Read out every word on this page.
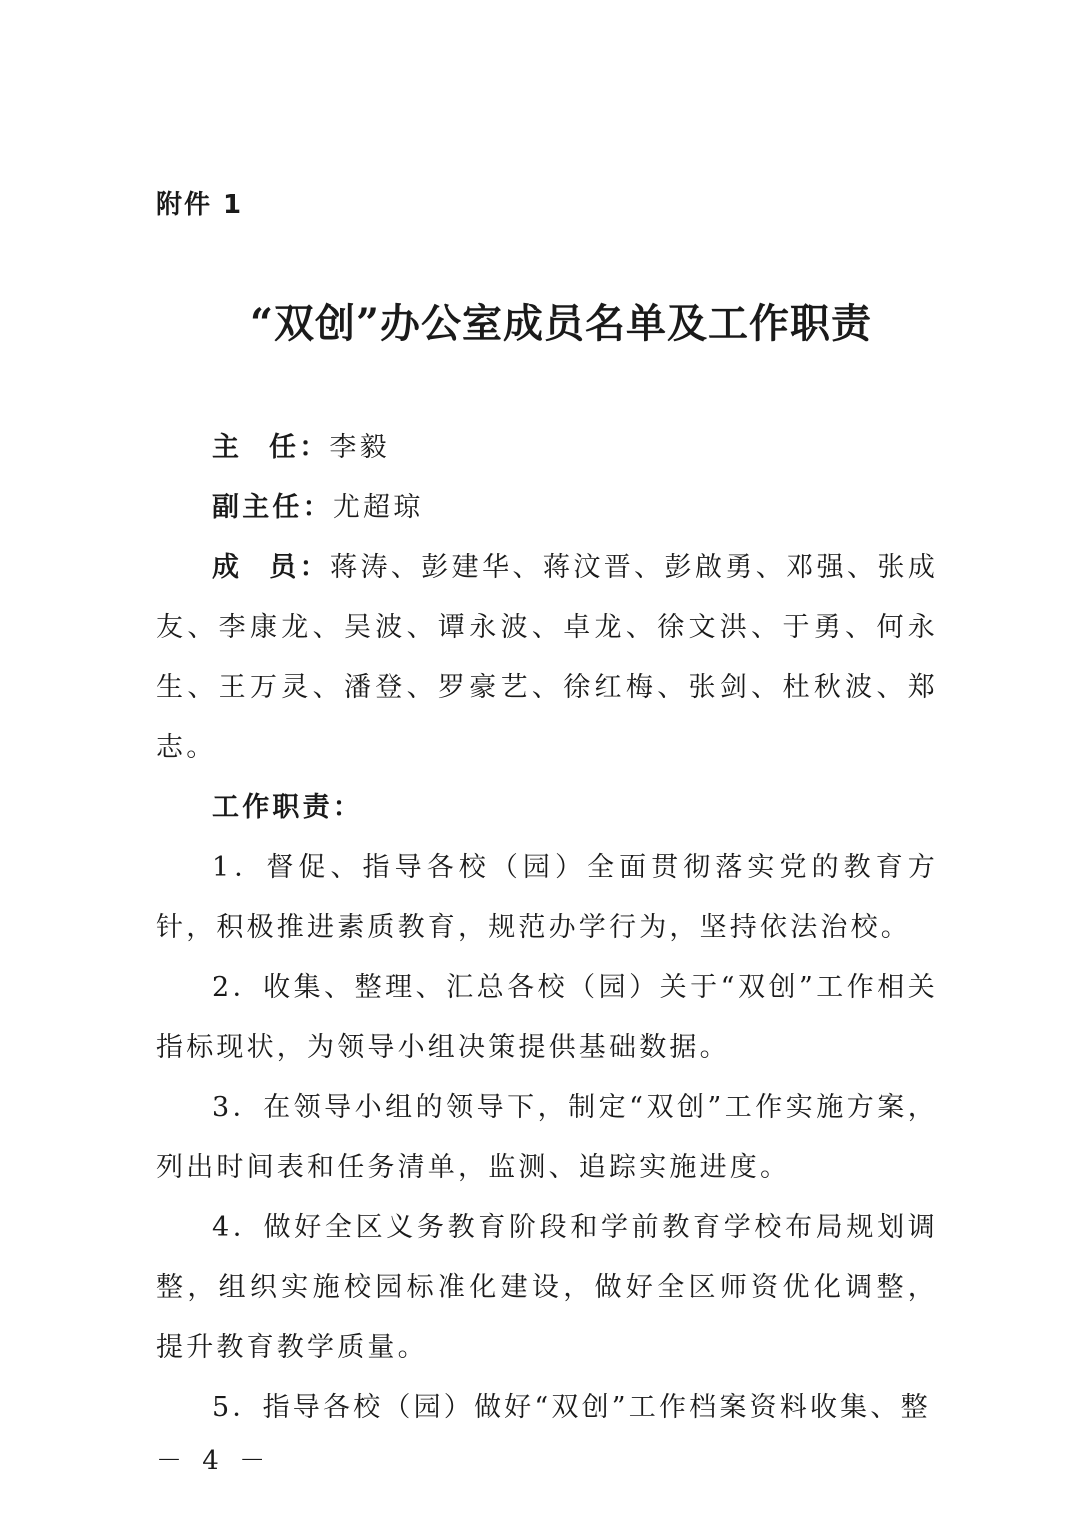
附件 1

“双创”办公室成员名单及工作职责

主任：李毅

副主任：尤超琼

成员：蒋涛、彭建华、蒋汶晋、彭啟勇、邓强、张成友、李康龙、吴波、谭永波、卓龙、徐文洪、于勇、何永生、王万灵、潘登、罗豪艺、徐红梅、张剑、杜秋波、郑志。

工作职责：

1．督促、指导各校（园）全面贯彻落实党的教育方针，积极推进素质教育，规范办学行为，坚持依法治校。

2．收集、整理、汇总各校（园）关于“双创”工作相关指标现状，为领导小组决策提供基础数据。

3．在领导小组的领导下，制定“双创”工作实施方案，列出时间表和任务清单，监测、追踪实施进度。

4．做好全区义务教育阶段和学前教育学校布局规划调整，组织实施校园标准化建设，做好全区师资优化调整，提升教育教学质量。

5．指导各校（园）做好“双创”工作档案资料收集、整

－ 4 －
